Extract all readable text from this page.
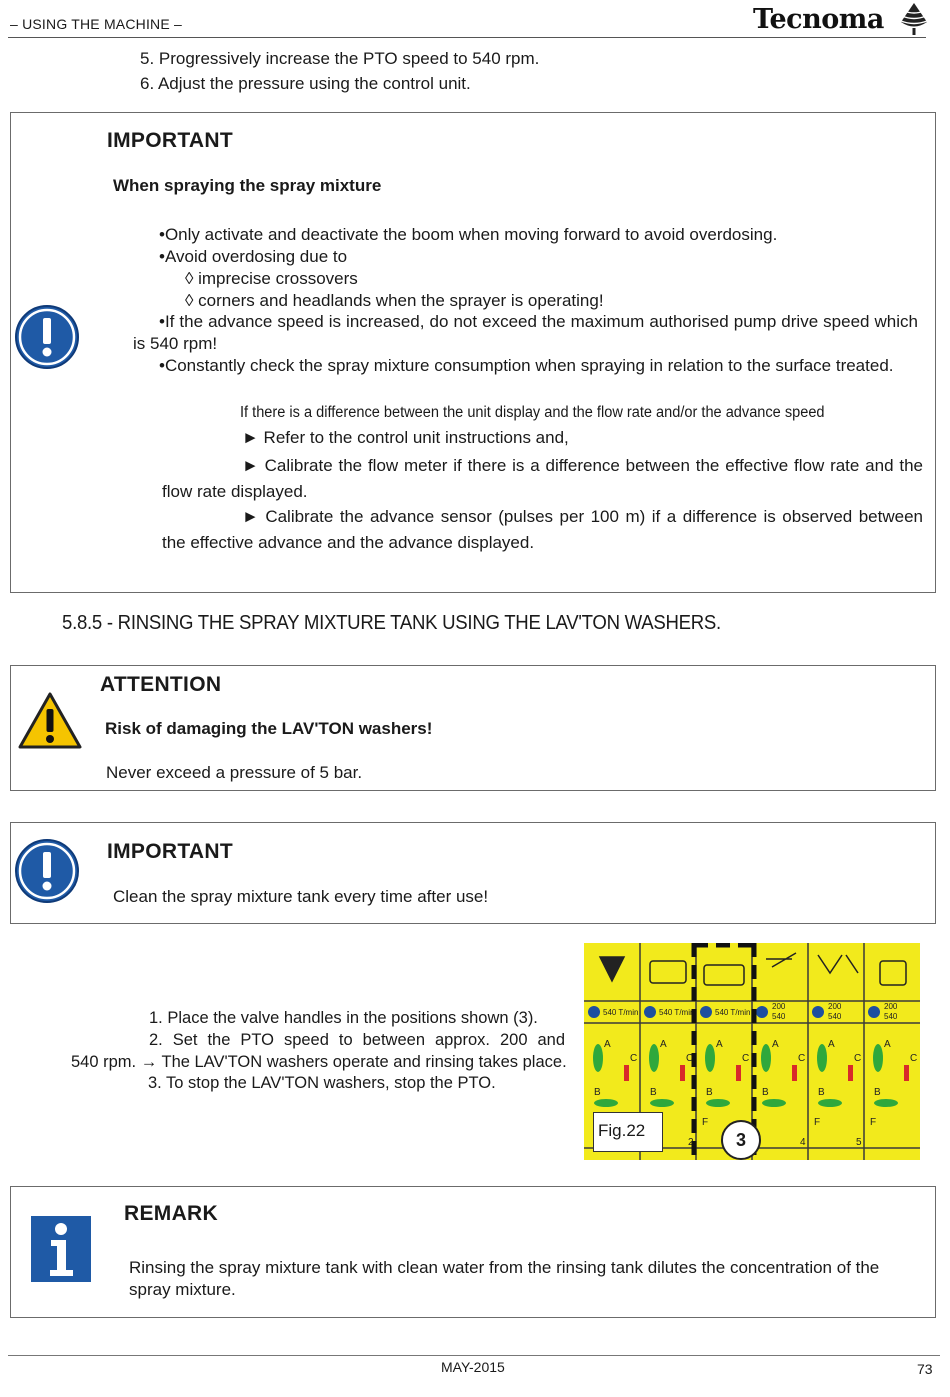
– USING THE MACHINE –	Tecnoma
5. Progressively increase the PTO speed to 540 rpm.
6. Adjust the pressure using the control unit.
IMPORTANT
When spraying the spray mixture
•Only activate and deactivate the boom when moving forward to avoid overdosing.
•Avoid overdosing due to
◊ imprecise crossovers
◊ corners and headlands when the sprayer is operating!
•If the advance speed is increased, do not exceed the maximum authorised pump drive speed which is 540 rpm!
•Constantly check the spray mixture consumption when spraying in relation to the surface treated.
If there is a difference between the unit display and the flow rate and/or the advance speed
► Refer to the control unit instructions and,
► Calibrate the flow meter if there is a difference between the effective flow rate and the flow rate displayed.
► Calibrate the advance sensor (pulses per 100 m) if a difference is observed between the effective advance and the advance displayed.
5.8.5 - RINSING THE SPRAY MIXTURE TANK USING THE LAV'TON WASHERS.
ATTENTION
Risk of damaging the LAV'TON washers!
Never exceed a pressure of 5 bar.
IMPORTANT
Clean the spray mixture tank every time after use!
1. Place the valve handles in the positions shown (3).
2. Set the PTO speed to between approx. 200 and
540 rpm. → The LAV'TON washers operate and rinsing takes place.
3. To stop the LAV'TON washers, stop the PTO.
540 T/min	540 T/min	540 T/min
200
540
200
540
200
540
A	A	A	A	A	A
C	C	C	C	C	C
B	B	B	B	B	B
F	F	F
2	4	5
Fig.22	3
REMARK
Rinsing the spray mixture tank with clean water from the rinsing tank dilutes the concentration of the spray mixture.
MAY-2015	73
